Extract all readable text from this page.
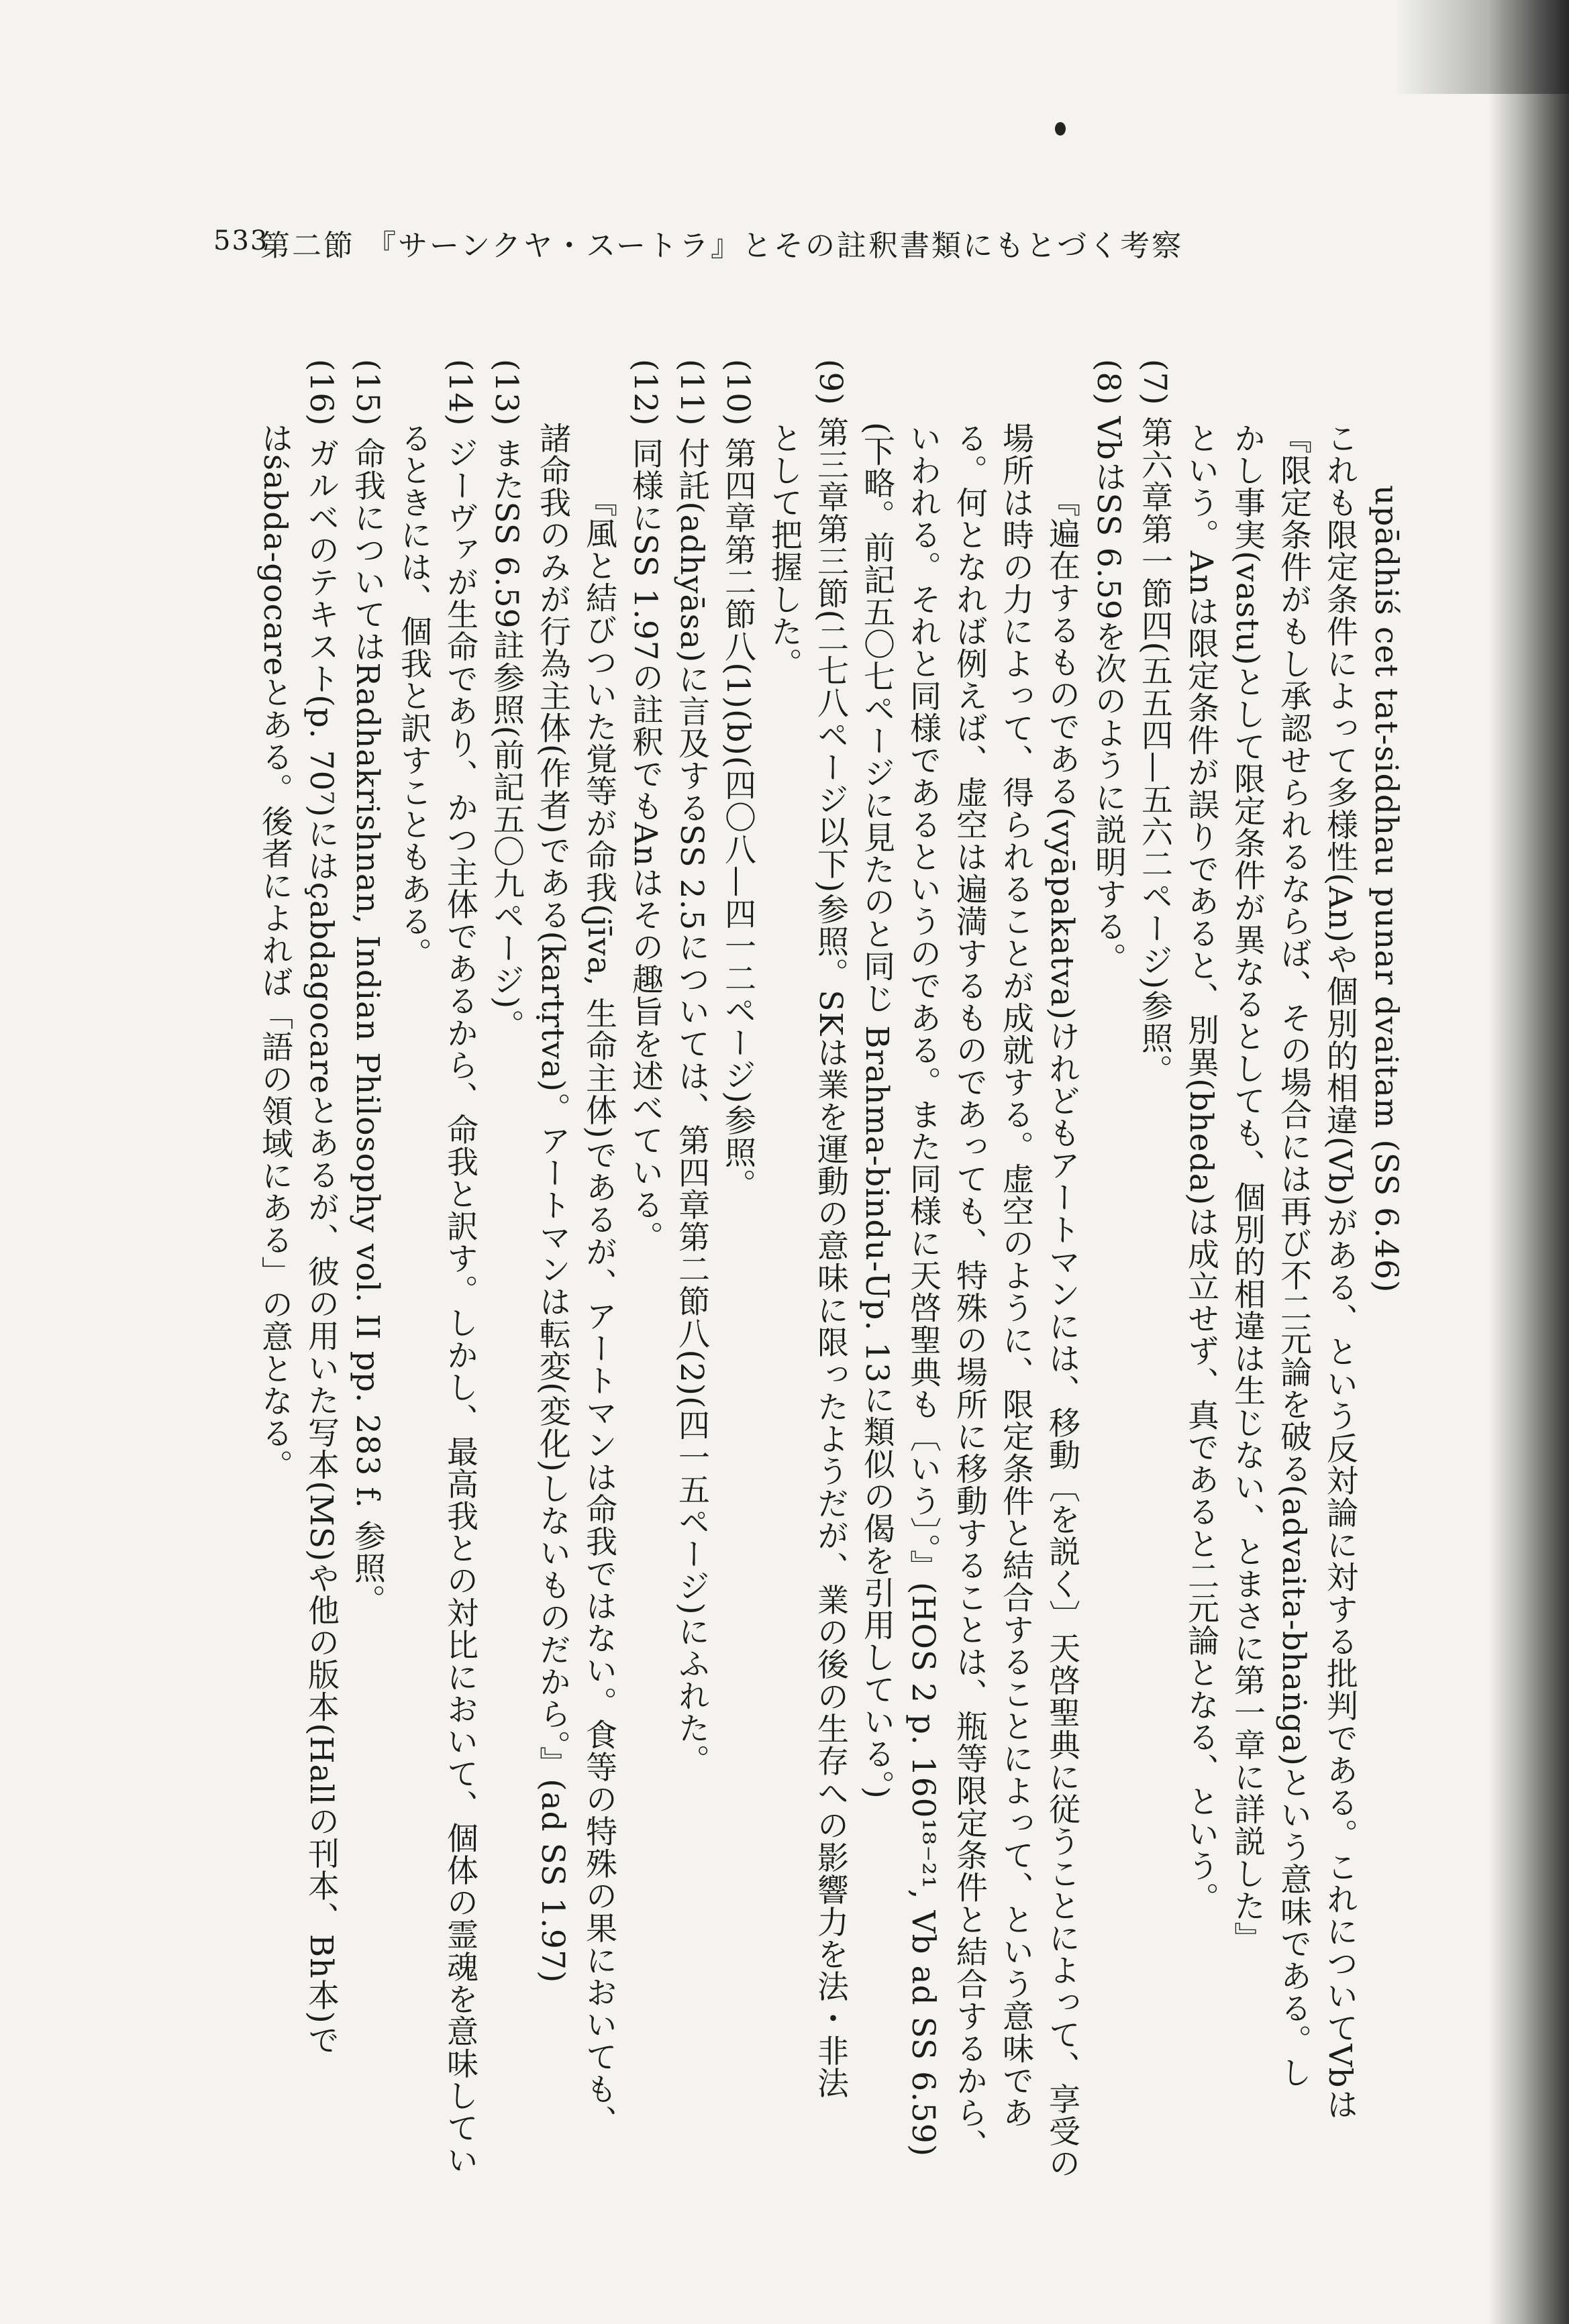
533
第二節 『サーンクヤ・スートラ』とその註釈書類にもとづく考察
upādhiś cet tat-siddhau punar dvaitam (SS 6.46)
これも限定条件によって多様性(An)や個別的相違(Vb)がある、という反対論に対する批判である。これについてVbは
『限定条件がもし承認せられるならば、その場合には再び不二元論を破る(advaita-bhaṅga)という意味である。し
かし事実(vastu)として限定条件が異なるとしても、個別的相違は生じない、とまさに第一章に詳説した』
という。Anは限定条件が誤りであると、別異(bheda)は成立せず、真であると二元論となる、という。
(7) 第六章第一節四(五五四—五六二ページ)参照。
(8) VbはSS 6.59を次のように説明する。
『遍在するものである(vyāpakatva)けれどもアートマンには、移動〔を説く〕天啓聖典に従うことによって、享受の
場所は時の力によって、得られることが成就する。虚空のように、限定条件と結合することによって、という意味であ
る。何となれば例えば、虚空は遍満するものであっても、特殊の場所に移動することは、瓶等限定条件と結合するから、
いわれる。それと同様であるというのである。また同様に天啓聖典も〔いう〕。』(HOS 2 p. 160¹⁸⁻²¹, Vb ad SS 6.59)
(下略。前記五〇七ページに見たのと同じ Brahma-bindu-Up. 13に類似の偈を引用している。)
(9) 第三章第三節(二七八ページ以下)参照。SKは業を運動の意味に限ったようだが、業の後の生存への影響力を法・非法
として把握した。
(10) 第四章第二節八(1)(b)(四〇八—四一二ページ)参照。
(11) 付託(adhyāsa)に言及するSS 2.5については、第四章第二節八(2)(四一五ページ)にふれた。
(12) 同様にSS 1.97の註釈でもAnはその趣旨を述べている。
『風と結びついた覚等が命我(jīva, 生命主体)であるが、アートマンは命我ではない。食等の特殊の果においても、
諸命我のみが行為主体(作者)である(kartṛtva)。アートマンは転変(変化)しないものだから。』(ad SS 1.97)
(13) またSS 6.59註参照(前記五〇九ページ)。
(14) ジーヴァが生命であり、かつ主体であるから、命我と訳す。しかし、最高我との対比において、個体の霊魂を意味してい
るときには、個我と訳すこともある。
(15) 命我についてはRadhakrishnan, Indian Philosophy vol. II pp. 283 f. 参照。
(16) ガルベのテキスト(p. 70⁷)にはçabdagocareとあるが、彼の用いた写本(MS)や他の版本(Hallの刊本、Bh本)で
はśabda-gocareとある。後者によれば「語の領域にある」の意となる。
